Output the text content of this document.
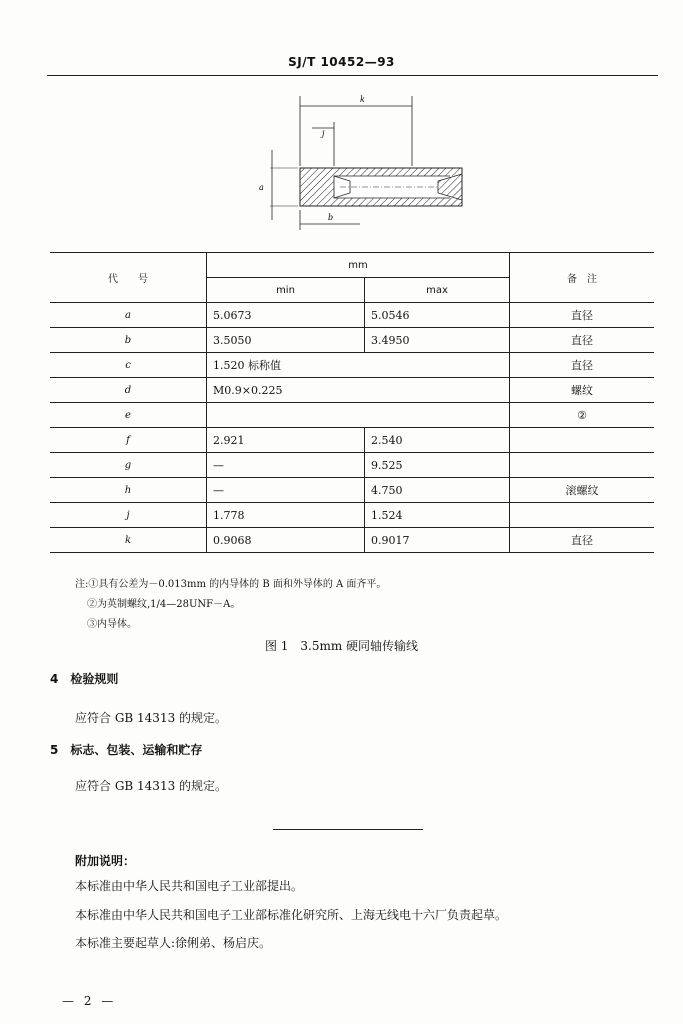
SJ/T 10452—93
k
j
a
b
代　　号	mm		备　注
	min	max	
a	5.0673	5.0546	直径
b	3.5050	3.4950	直径
c	1.520 标称值		直径
d	M0.9×0.225		螺纹
e			②
f	2.921	2.540	
g	—	9.525	
h	—	4.750	滚螺纹
j	1.778	1.524	
k	0.9068	0.9017	直径
注:①具有公差为－0.013mm 的内导体的 B 面和外导体的 A 面齐平。
②为英制螺纹,1/4—28UNF－A。
③内导体。
图 1　3.5mm 硬同轴传输线
4　检验规则
应符合 GB 14313 的规定。
5　标志、包装、运输和贮存
应符合 GB 14313 的规定。
附加说明：
本标准由中华人民共和国电子工业部提出。
本标准由中华人民共和国电子工业部标准化研究所、上海无线电十六厂负责起草。
本标准主要起草人:徐俐弟、杨启庆。
— 2 —
